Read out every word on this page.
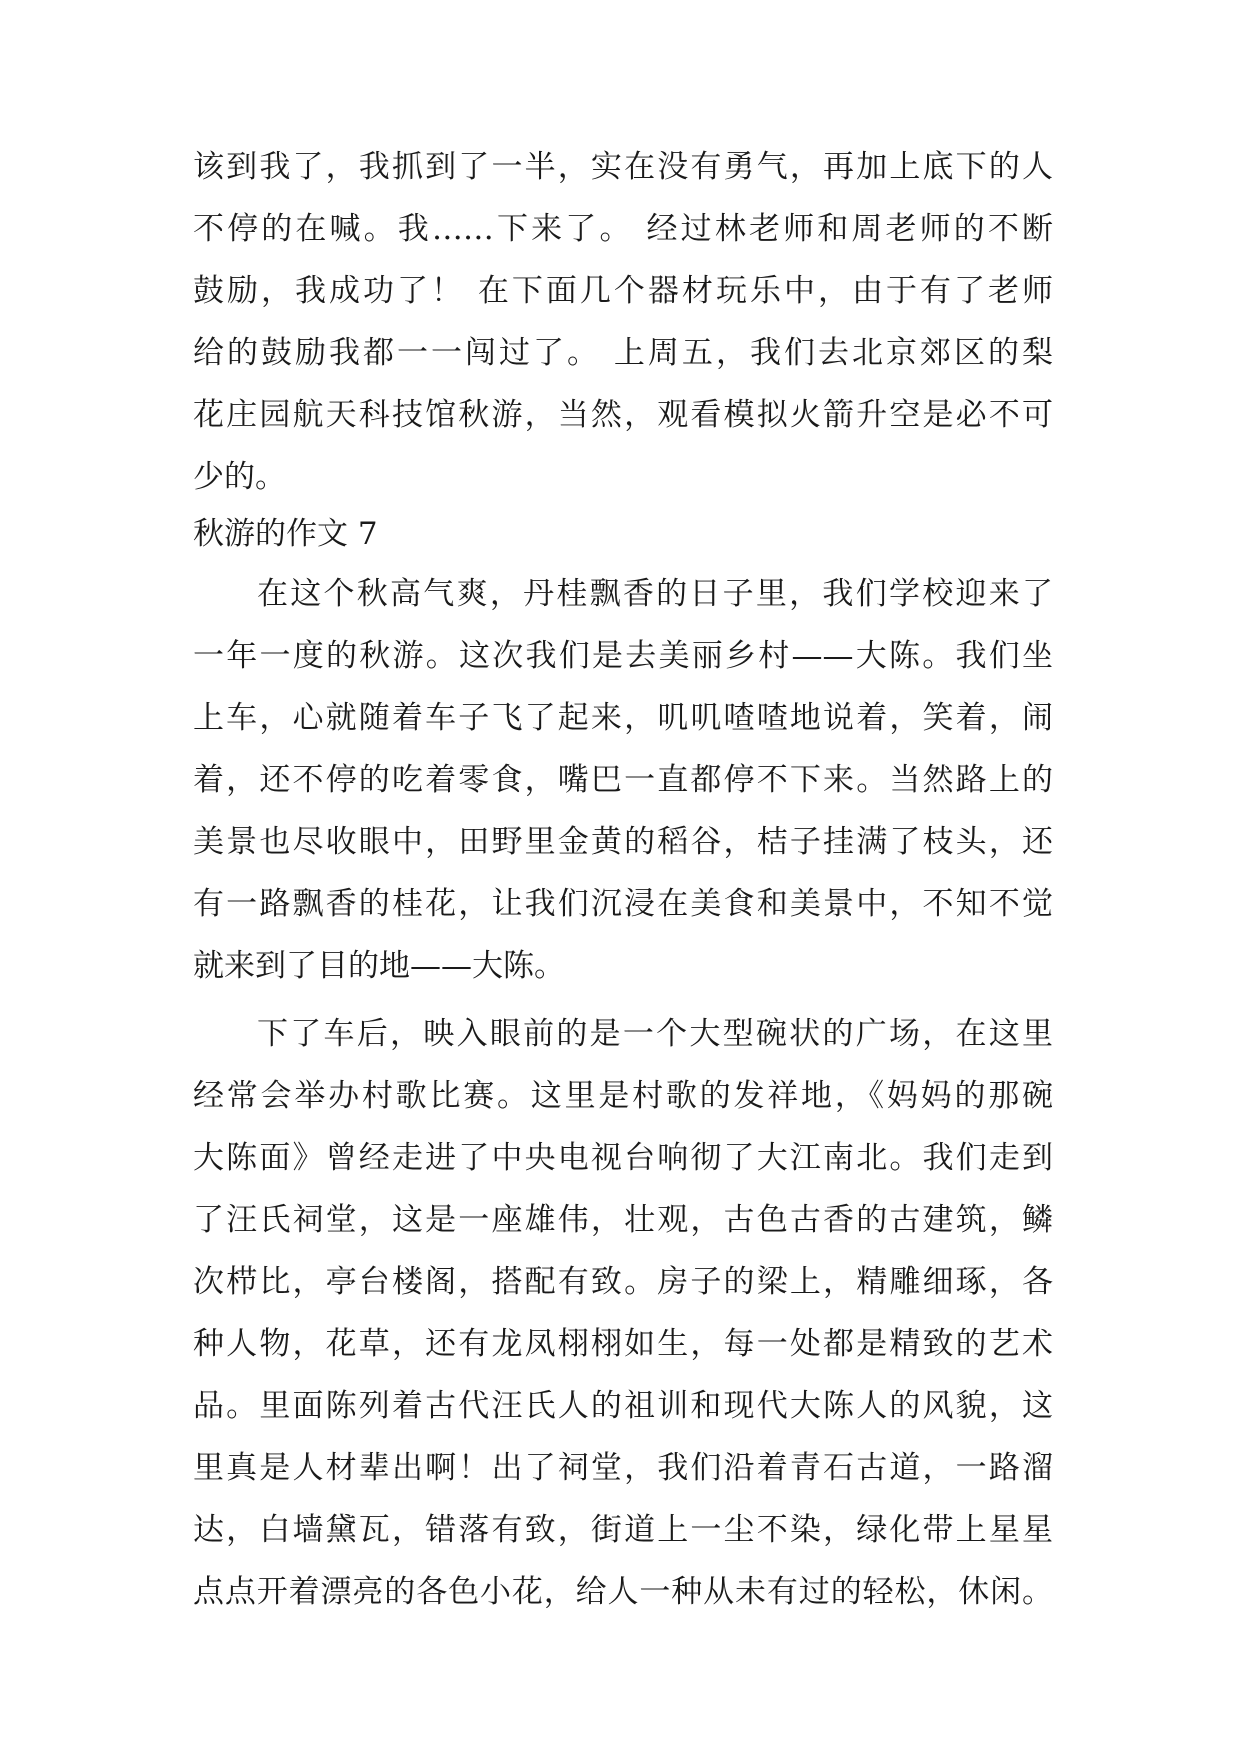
该到我了，我抓到了一半，实在没有勇气，再加上底下的人
不停的在喊。我……下来了。 经过林老师和周老师的不断
鼓励，我成功了！ 在下面几个器材玩乐中，由于有了老师
给的鼓励我都一一闯过了。 上周五，我们去北京郊区的梨
花庄园航天科技馆秋游，当然，观看模拟火箭升空是必不可
少的。
秋游的作文 7
在这个秋高气爽，丹桂飘香的日子里，我们学校迎来了
一年一度的秋游。这次我们是去美丽乡村——大陈。我们坐
上车，心就随着车子飞了起来，叽叽喳喳地说着，笑着，闹
着，还不停的吃着零食，嘴巴一直都停不下来。当然路上的
美景也尽收眼中，田野里金黄的稻谷，桔子挂满了枝头，还
有一路飘香的桂花，让我们沉浸在美食和美景中，不知不觉
就来到了目的地——大陈。
下了车后，映入眼前的是一个大型碗状的广场，在这里
经常会举办村歌比赛。这里是村歌的发祥地，《妈妈的那碗
大陈面》曾经走进了中央电视台响彻了大江南北。我们走到
了汪氏祠堂，这是一座雄伟，壮观，古色古香的古建筑，鳞
次栉比，亭台楼阁，搭配有致。房子的梁上，精雕细琢，各
种人物，花草，还有龙凤栩栩如生，每一处都是精致的艺术
品。里面陈列着古代汪氏人的祖训和现代大陈人的风貌，这
里真是人材辈出啊！出了祠堂，我们沿着青石古道，一路溜
达，白墙黛瓦，错落有致，街道上一尘不染，绿化带上星星
点点开着漂亮的各色小花，给人一种从未有过的轻松，休闲。
